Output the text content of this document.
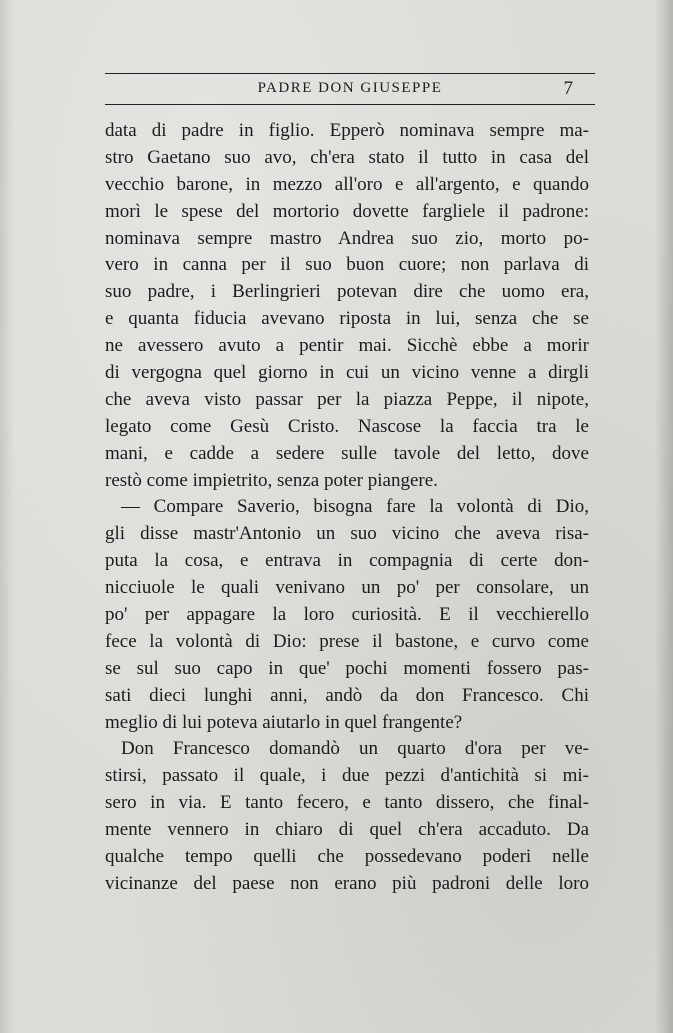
PADRE DON GIUSEPPE	7
data di padre in figlio. Epperò nominava sempre ma-
stro Gaetano suo avo, ch'era stato il tutto in casa del
vecchio barone, in mezzo all'oro e all'argento, e quando
morì le spese del mortorio dovette fargliele il padrone:
nominava sempre mastro Andrea suo zio, morto po-
vero in canna per il suo buon cuore; non parlava di
suo padre, i Berlingrieri potevan dire che uomo era,
e quanta fiducia avevano riposta in lui, senza che se
ne avessero avuto a pentir mai. Sicchè ebbe a morir
di vergogna quel giorno in cui un vicino venne a dirgli
che aveva visto passar per la piazza Peppe, il nipote,
legato come Gesù Cristo. Nascose la faccia tra le
mani, e cadde a sedere sulle tavole del letto, dove
restò come impietrito, senza poter piangere.
— Compare Saverio, bisogna fare la volontà di Dio,
gli disse mastr'Antonio un suo vicino che aveva risa-
puta la cosa, e entrava in compagnia di certe don-
nicciuole le quali venivano un po' per consolare, un
po' per appagare la loro curiosità. E il vecchierello
fece la volontà di Dio: prese il bastone, e curvo come
se sul suo capo in que' pochi momenti fossero pas-
sati dieci lunghi anni, andò da don Francesco. Chi
meglio di lui poteva aiutarlo in quel frangente?
Don Francesco domandò un quarto d'ora per ve-
stirsi, passato il quale, i due pezzi d'antichità si mi-
sero in via. E tanto fecero, e tanto dissero, che final-
mente vennero in chiaro di quel ch'era accaduto. Da
qualche tempo quelli che possedevano poderi nelle
vicinanze del paese non erano più padroni delle loro
